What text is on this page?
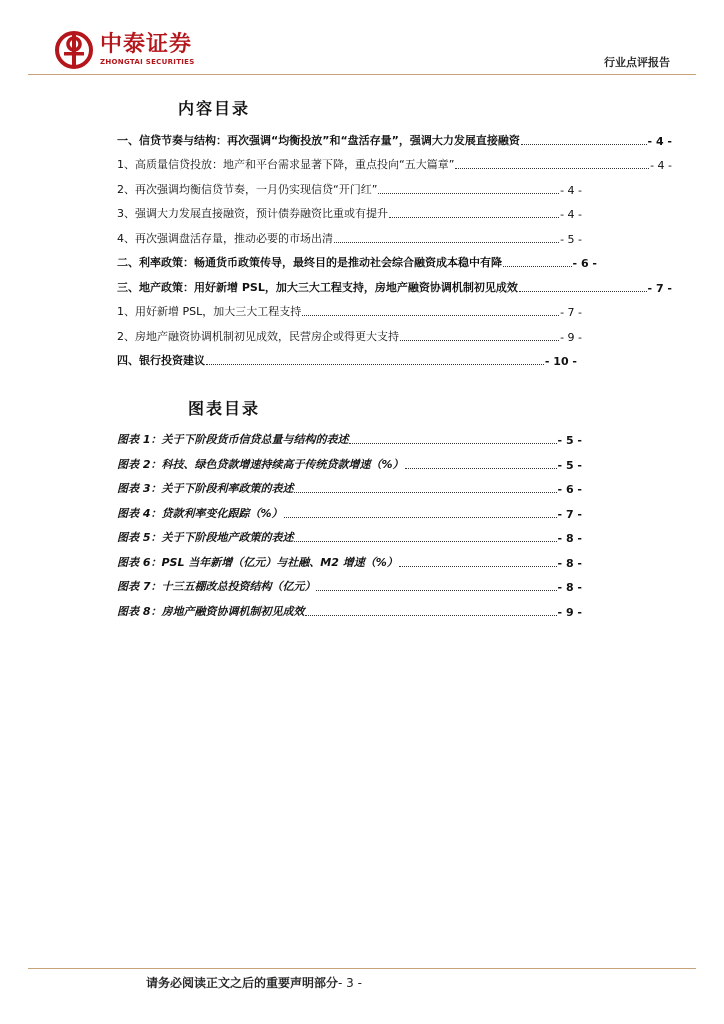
中泰证券
ZHONGTAI SECURITIES	行业点评报告
内容目录
一、信贷节奏与结构：再次强调“均衡投放”和“盘活存量”，强调大力发展直接融资	- 4 -
1、高质量信贷投放：地产和平台需求显著下降，重点投向“五大篇章”	- 4 -
2、再次强调均衡信贷节奏，一月仍实现信贷“开门红”	- 4 -
3、强调大力发展直接融资，预计债券融资比重或有提升	- 4 -
4、再次强调盘活存量，推动必要的市场出清	- 5 -
二、利率政策：畅通货币政策传导，最终目的是推动社会综合融资成本稳中有降	- 6 -
三、地产政策：用好新增 PSL，加大三大工程支持，房地产融资协调机制初见成效	- 7 -
1、用好新增 PSL，加大三大工程支持	- 7 -
2、房地产融资协调机制初见成效，民营房企或得更大支持	- 9 -
四、银行投资建议	- 10 -
图表目录
图表 1：关于下阶段货币信贷总量与结构的表述	- 5 -
图表 2：科技、绿色贷款增速持续高于传统贷款增速（%）	- 5 -
图表 3：关于下阶段利率政策的表述	- 6 -
图表 4：贷款利率变化跟踪（%）	- 7 -
图表 5：关于下阶段地产政策的表述	- 8 -
图表 6：PSL 当年新增（亿元）与社融、M2 增速（%）	- 8 -
图表 7：十三五棚改总投资结构（亿元）	- 8 -
图表 8：房地产融资协调机制初见成效	- 9 -
请务必阅读正文之后的重要声明部分- 3 -
